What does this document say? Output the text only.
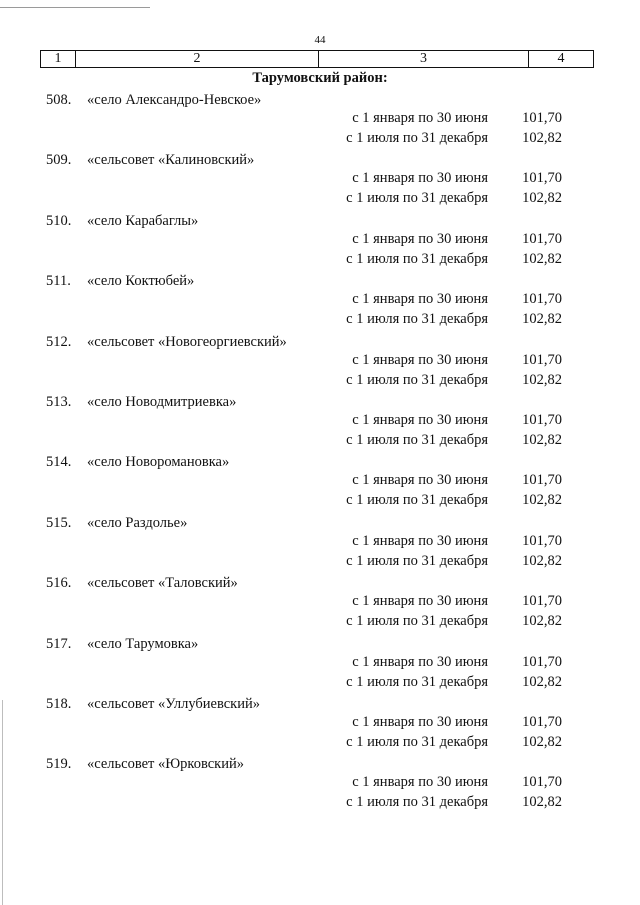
44
1	2	3	4
Тарумовский район:
508. «село Александро-Невское»
с 1 января по 30 июня	101,70
с 1 июля по 31 декабря	102,82
509. «сельсовет «Калиновский»
с 1 января по 30 июня	101,70
с 1 июля по 31 декабря	102,82
510. «село Карабаглы»
с 1 января по 30 июня	101,70
с 1 июля по 31 декабря	102,82
511. «село Коктюбей»
с 1 января по 30 июня	101,70
с 1 июля по 31 декабря	102,82
512. «сельсовет «Новогеоргиевский»
с 1 января по 30 июня	101,70
с 1 июля по 31 декабря	102,82
513. «село Новодмитриевка»
с 1 января по 30 июня	101,70
с 1 июля по 31 декабря	102,82
514. «село Новоромановка»
с 1 января по 30 июня	101,70
с 1 июля по 31 декабря	102,82
515. «село Раздолье»
с 1 января по 30 июня	101,70
с 1 июля по 31 декабря	102,82
516. «сельсовет «Таловский»
с 1 января по 30 июня	101,70
с 1 июля по 31 декабря	102,82
517. «село Тарумовка»
с 1 января по 30 июня	101,70
с 1 июля по 31 декабря	102,82
518. «сельсовет «Уллубиевский»
с 1 января по 30 июня	101,70
с 1 июля по 31 декабря	102,82
519. «сельсовет «Юрковский»
с 1 января по 30 июня	101,70
с 1 июля по 31 декабря	102,82
